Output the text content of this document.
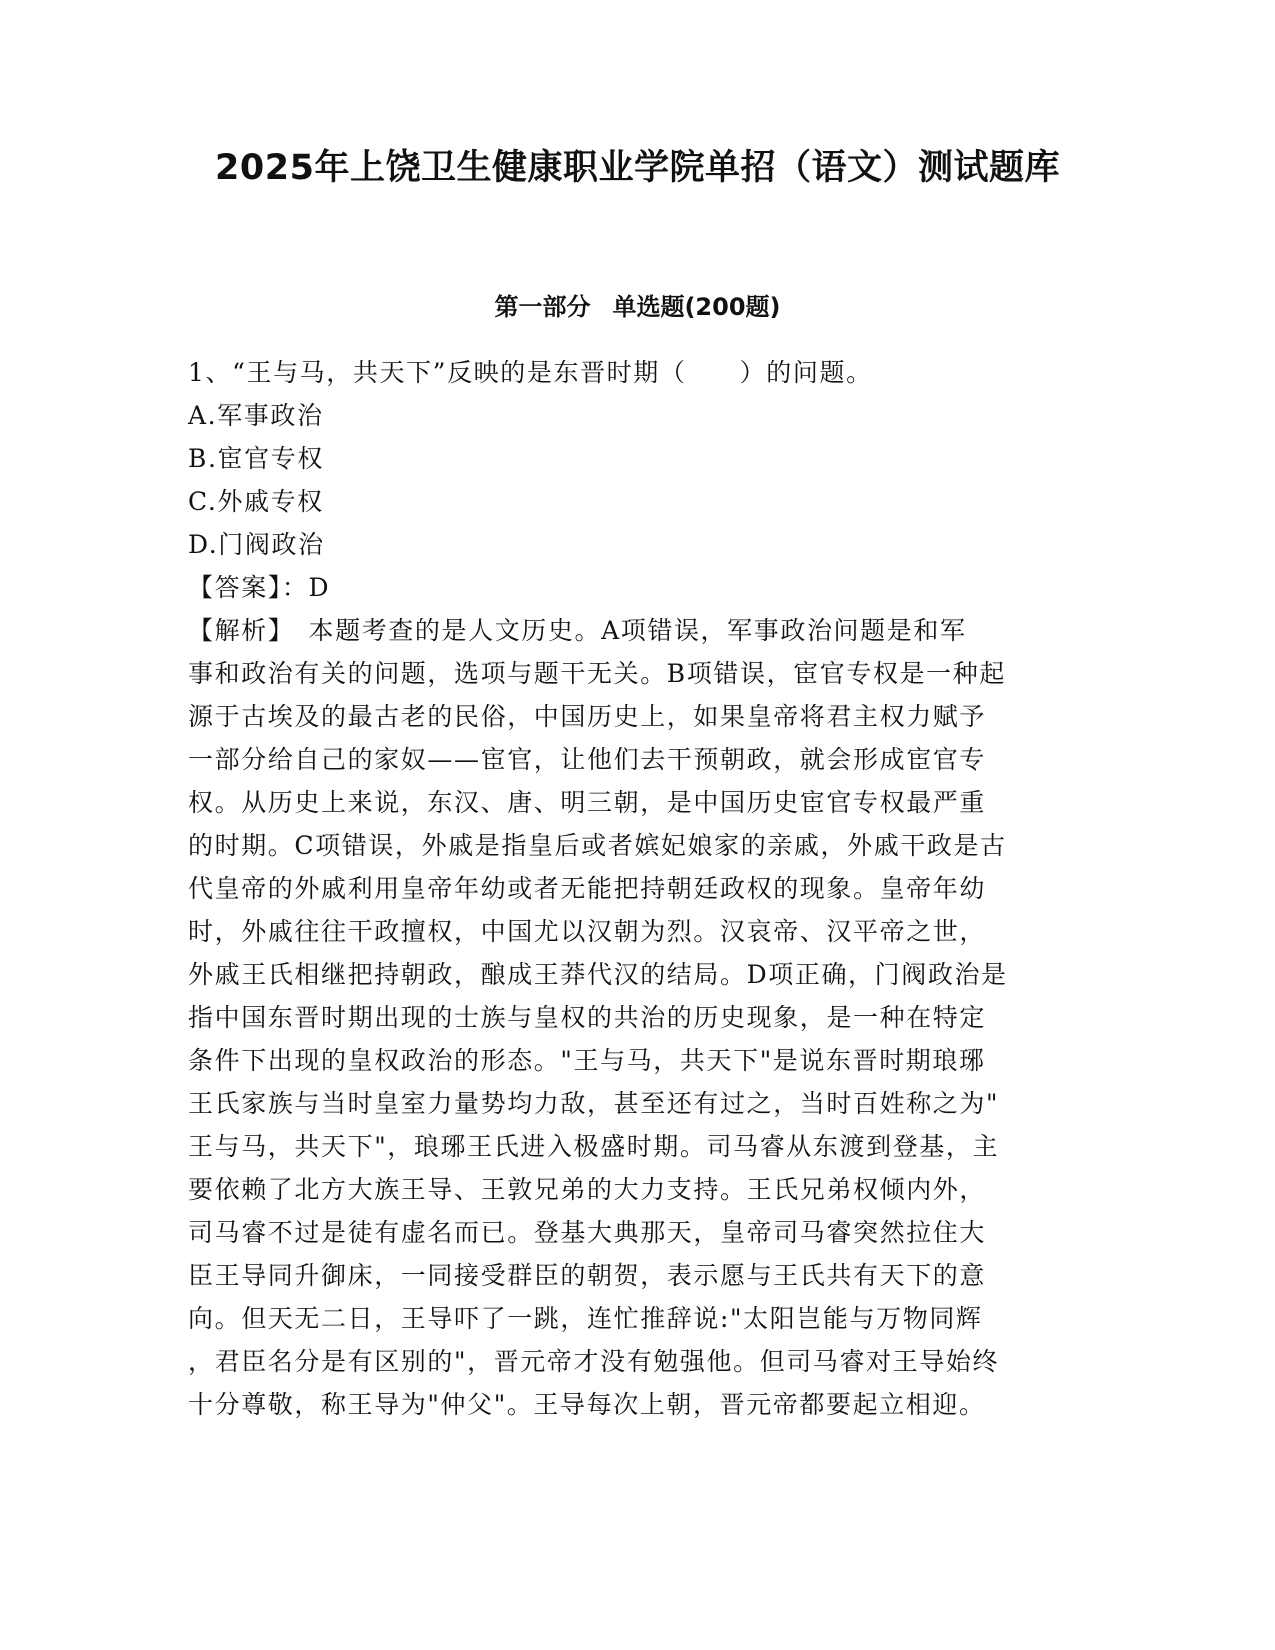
2025年上饶卫生健康职业学院单招（语文）测试题库
第一部分 单选题(200题)

1、“王与马，共天下”反映的是东晋时期（　　）的问题。

A.军事政治

B.宦官专权

C.外戚专权

D.门阀政治

【答案】：D

【解析】　本题考查的是人文历史。A项错误，军事政治问题是和军

事和政治有关的问题，选项与题干无关。B项错误，宦官专权是一种起

源于古埃及的最古老的民俗，中国历史上，如果皇帝将君主权力赋予

一部分给自己的家奴——宦官，让他们去干预朝政，就会形成宦官专

权。从历史上来说，东汉、唐、明三朝，是中国历史宦官专权最严重

的时期。C项错误，外戚是指皇后或者嫔妃娘家的亲戚，外戚干政是古

代皇帝的外戚利用皇帝年幼或者无能把持朝廷政权的现象。皇帝年幼

时，外戚往往干政擅权，中国尤以汉朝为烈。汉哀帝、汉平帝之世，

外戚王氏相继把持朝政，酿成王莽代汉的结局。D项正确，门阀政治是

指中国东晋时期出现的士族与皇权的共治的历史现象，是一种在特定

条件下出现的皇权政治的形态。"王与马，共天下"是说东晋时期琅琊

王氏家族与当时皇室力量势均力敌，甚至还有过之，当时百姓称之为"

王与马，共天下"，琅琊王氏进入极盛时期。司马睿从东渡到登基，主

要依赖了北方大族王导、王敦兄弟的大力支持。王氏兄弟权倾内外，

司马睿不过是徒有虚名而已。登基大典那天，皇帝司马睿突然拉住大

臣王导同升御床，一同接受群臣的朝贺，表示愿与王氏共有天下的意

向。但天无二日，王导吓了一跳，连忙推辞说:"太阳岂能与万物同辉

，君臣名分是有区别的"，晋元帝才没有勉强他。但司马睿对王导始终

十分尊敬，称王导为"仲父"。王导每次上朝，晋元帝都要起立相迎。
